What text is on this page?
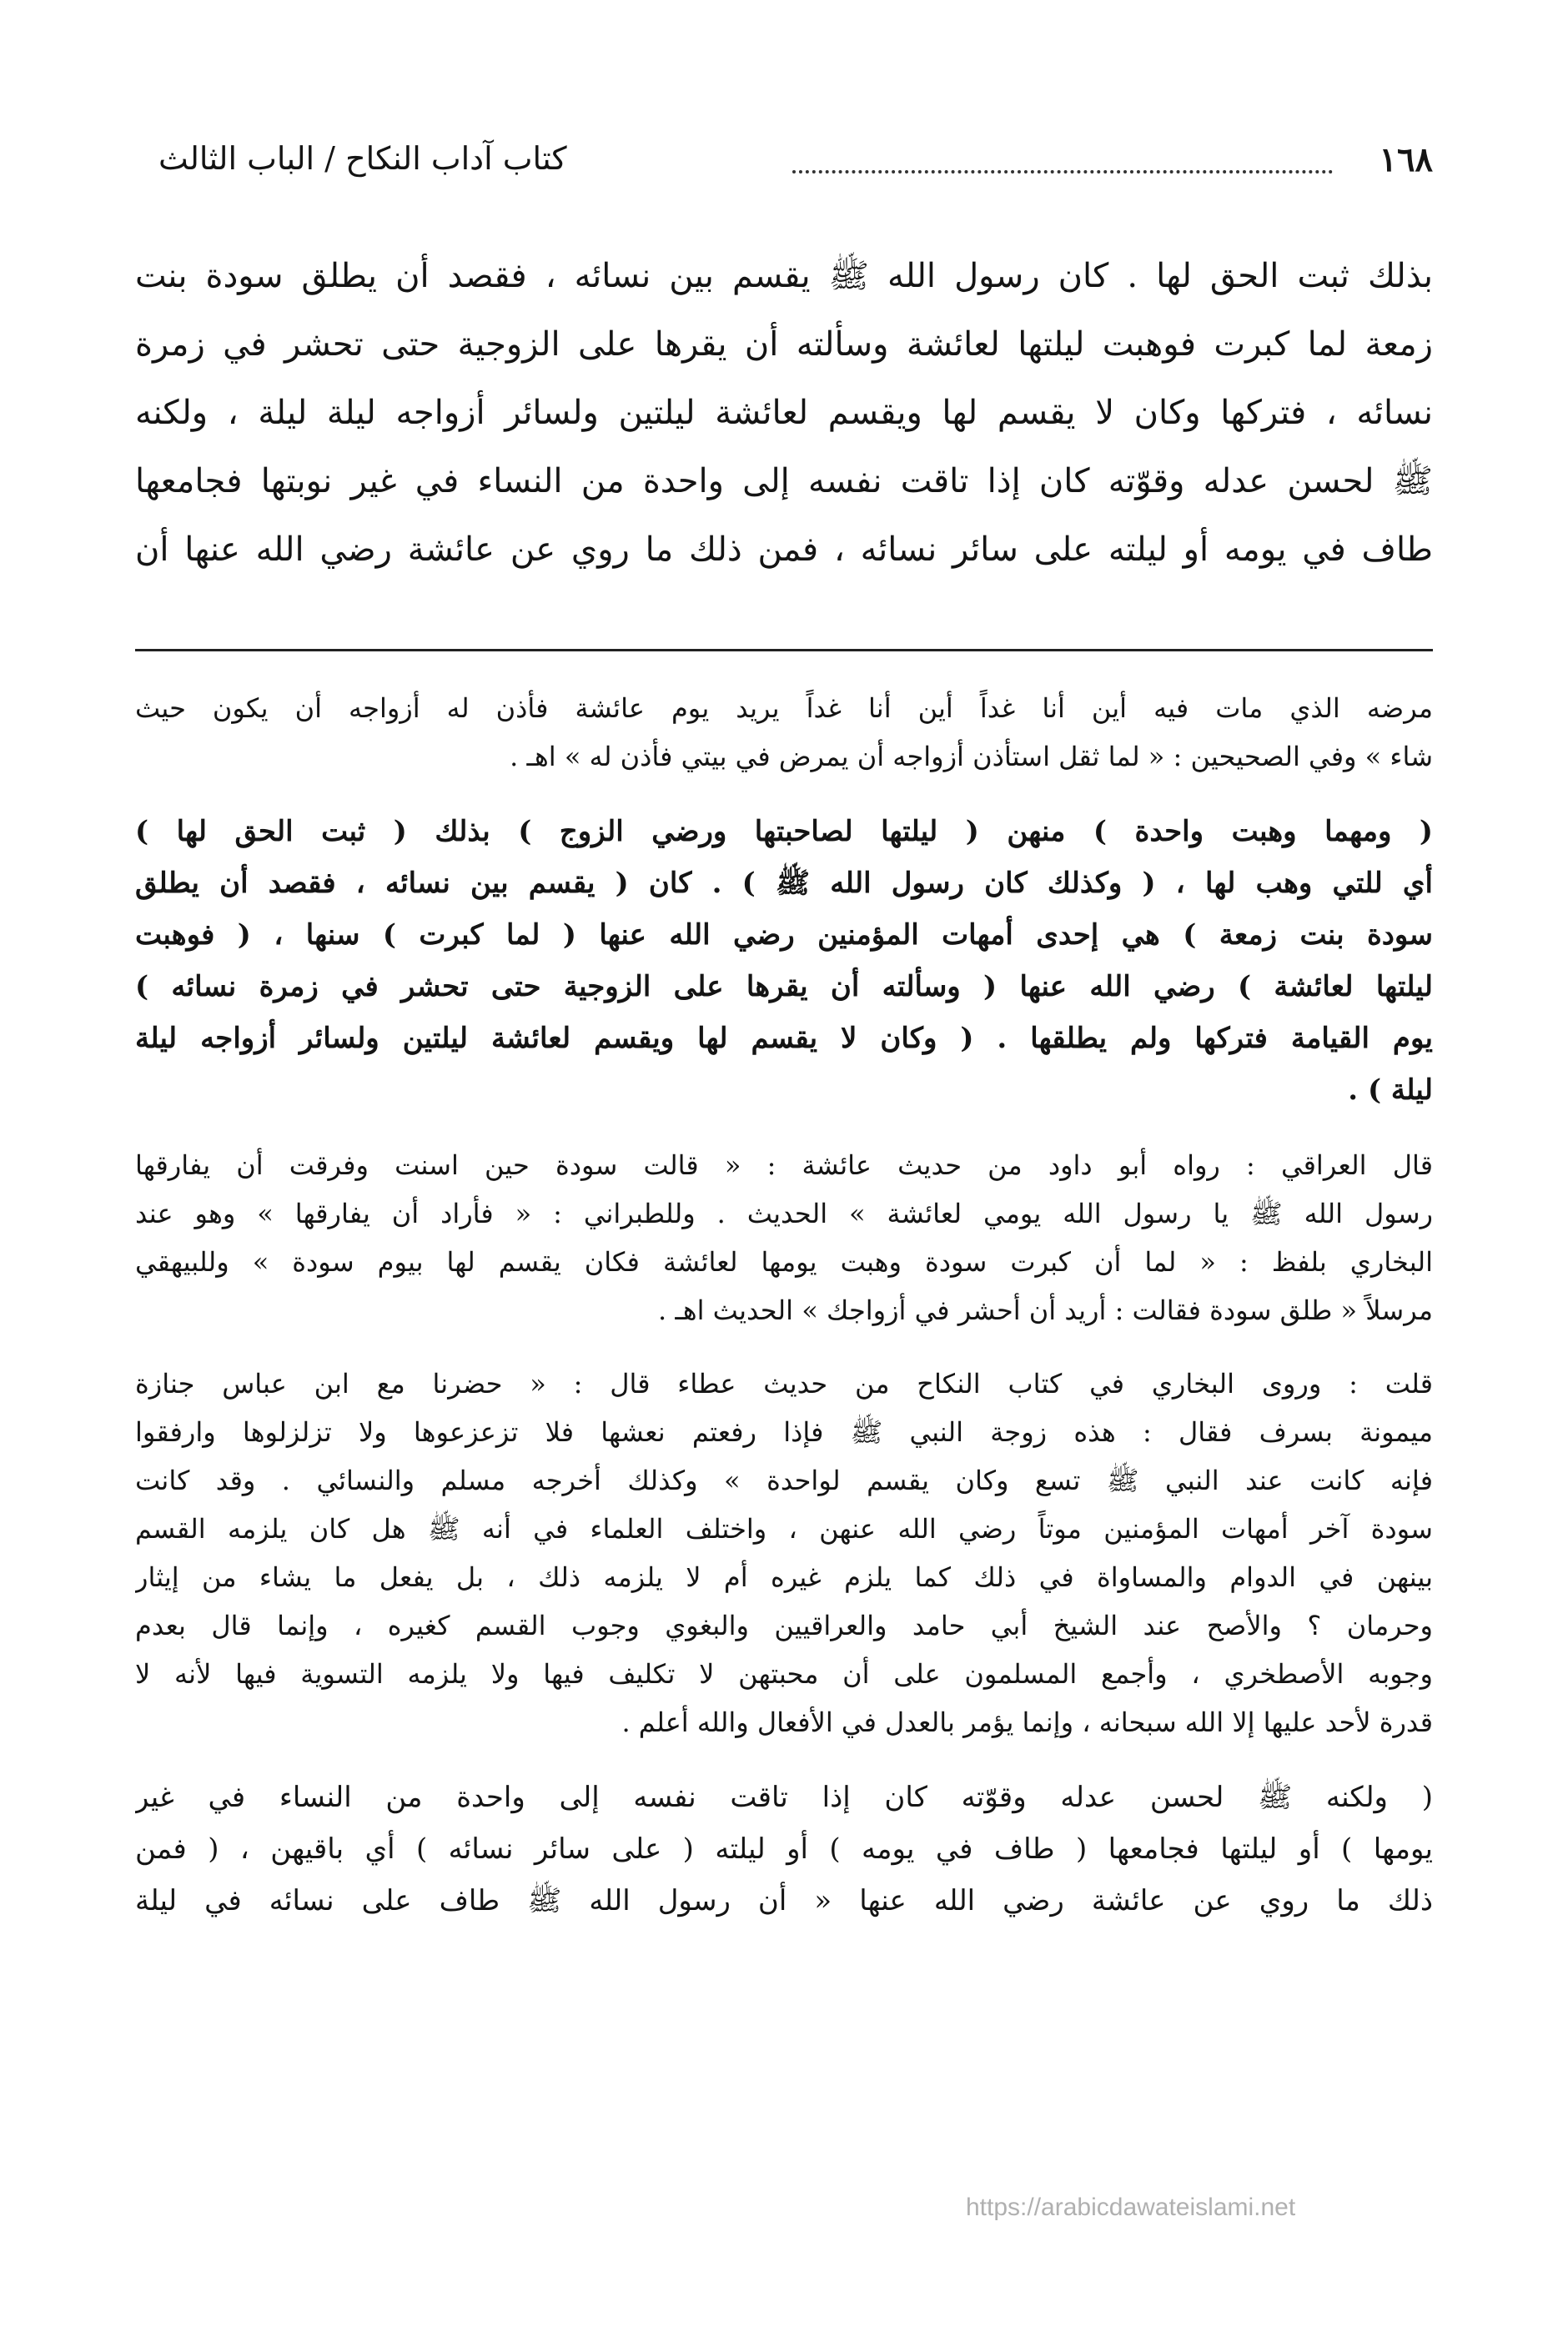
١٦٨
كتاب آداب النكاح / الباب الثالث
بذلك ثبت الحق لها . كان رسول الله ﷺ يقسم بين نسائه ، فقصد أن يطلق سودة بنت
زمعة لما كبرت فوهبت ليلتها لعائشة وسألته أن يقرها على الزوجية حتى تحشر في زمرة
نسائه ، فتركها وكان لا يقسم لها ويقسم لعائشة ليلتين ولسائر أزواجه ليلة ليلة ، ولكنه
ﷺ لحسن عدله وقوّته كان إذا تاقت نفسه إلى واحدة من النساء في غير نوبتها فجامعها
طاف في يومه أو ليلته على سائر نسائه ، فمن ذلك ما روي عن عائشة رضي الله عنها أن
مرضه الذي مات فيه أين أنا غداً أين أنا غداً يريد يوم عائشة فأذن له أزواجه أن يكون حيث
شاء » وفي الصحيحين : « لما ثقل استأذن أزواجه أن يمرض في بيتي فأذن له » اهـ .
( ومهما وهبت واحدة ) منهن ( ليلتها لصاحبتها ورضي الزوج ) بذلك ( ثبت الحق لها )
أي للتي وهب لها ، ( وكذلك كان رسول الله ﷺ ) . كان ( يقسم بين نسائه ، فقصد أن يطلق
سودة بنت زمعة ) هي إحدى أمهات المؤمنين رضي الله عنها ( لما كبرت ) سنها ، ( فوهبت
ليلتها لعائشة ) رضي الله عنها ( وسألته أن يقرها على الزوجية حتى تحشر في زمرة نسائه )
يوم القيامة فتركها ولم يطلقها . ( وكان لا يقسم لها ويقسم لعائشة ليلتين ولسائر أزواجه ليلة
ليلة ) .
قال العراقي : رواه أبو داود من حديث عائشة : « قالت سودة حين اسنت وفرقت أن يفارقها
رسول الله ﷺ يا رسول الله يومي لعائشة » الحديث . وللطبراني : « فأراد أن يفارقها » وهو عند
البخاري بلفظ : « لما أن كبرت سودة وهبت يومها لعائشة فكان يقسم لها بيوم سودة » وللبيهقي
مرسلاً « طلق سودة فقالت : أريد أن أحشر في أزواجك » الحديث اهـ .
قلت : وروى البخاري في كتاب النكاح من حديث عطاء قال : « حضرنا مع ابن عباس جنازة
ميمونة بسرف فقال : هذه زوجة النبي ﷺ فإذا رفعتم نعشها فلا تزعزعوها ولا تزلزلوها وارفقوا
فإنه كانت عند النبي ﷺ تسع وكان يقسم لواحدة » وكذلك أخرجه مسلم والنسائي . وقد كانت
سودة آخر أمهات المؤمنين موتاً رضي الله عنهن ، واختلف العلماء في أنه ﷺ هل كان يلزمه القسم
بينهن في الدوام والمساواة في ذلك كما يلزم غيره أم لا يلزمه ذلك ، بل يفعل ما يشاء من إيثار
وحرمان ؟ والأصح عند الشيخ أبي حامد والعراقيين والبغوي وجوب القسم كغيره ، وإنما قال بعدم
وجوبه الأصطخري ، وأجمع المسلمون على أن محبتهن لا تكليف فيها ولا يلزمه التسوية فيها لأنه لا
قدرة لأحد عليها إلا الله سبحانه ، وإنما يؤمر بالعدل في الأفعال والله أعلم .
( ولكنه ﷺ لحسن عدله وقوّته كان إذا تاقت نفسه إلى واحدة من النساء في غير
يومها ) أو ليلتها فجامعها ( طاف في يومه ) أو ليلته ( على سائر نسائه ) أي باقيهن ، ( فمن
ذلك ما روي عن عائشة رضي الله عنها « أن رسول الله ﷺ طاف على نسائه في ليلة
https://arabicdawateislami.net
